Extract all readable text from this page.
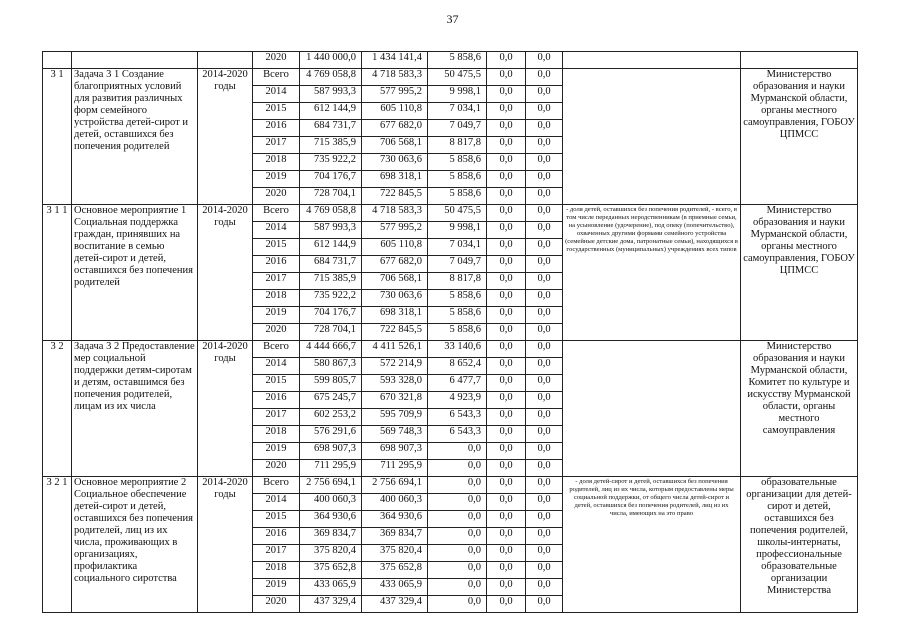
37
			2020	1 440 000,0	1 434 141,4	5 858,6	0,0	0,0		
3 1	Задача 3 1 Создание благоприятных условий для развития различных форм семейного устройства детей-сирот и детей, оставшихся без попечения родителей	2014-2020 годы	Всего	4 769 058,8	4 718 583,3	50 475,5	0,0	0,0		Министерство образования и науки Мурманской области, органы местного самоуправления, ГОБОУ ЦПМСС
			2014	587 993,3	577 995,2	9 998,1	0,0	0,0		
			2015	612 144,9	605 110,8	7 034,1	0,0	0,0		
			2016	684 731,7	677 682,0	7 049,7	0,0	0,0		
			2017	715 385,9	706 568,1	8 817,8	0,0	0,0		
			2018	735 922,2	730 063,6	5 858,6	0,0	0,0		
			2019	704 176,7	698 318,1	5 858,6	0,0	0,0		
			2020	728 704,1	722 845,5	5 858,6	0,0	0,0		
3 1 1	Основное мероприятие 1 Социальная поддержка граждан, принявших на воспитание в семью детей-сирот и детей, оставшихся без попечения родителей	2014-2020 годы	Всего	4 769 058,8	4 718 583,3	50 475,5	0,0	0,0	- доля детей, оставшихся без попечения родителей, - всего, в том числе переданных неродственникам (в приемные семьи, на усыновление (удочерение), под опеку (попечительство), охваченных другими формами семейного устройства (семейные детские дома, патронатные семьи), находящихся в государственных (муниципальных) учреждениях всех типов	Министерство образования и науки Мурманской области, органы местного самоуправления, ГОБОУ ЦПМСС
			2014	587 993,3	577 995,2	9 998,1	0,0	0,0		
			2015	612 144,9	605 110,8	7 034,1	0,0	0,0		
			2016	684 731,7	677 682,0	7 049,7	0,0	0,0		
			2017	715 385,9	706 568,1	8 817,8	0,0	0,0		
			2018	735 922,2	730 063,6	5 858,6	0,0	0,0		
			2019	704 176,7	698 318,1	5 858,6	0,0	0,0		
			2020	728 704,1	722 845,5	5 858,6	0,0	0,0		
3 2	Задача 3 2 Предоставление мер социальной поддержки детям-сиротам и детям, оставшимся без попечения родителей, лицам из их числа	2014-2020 годы	Всего	4 444 666,7	4 411 526,1	33 140,6	0,0	0,0		Министерство образования и науки Мурманской области, Комитет по культуре и искусству Мурманской области, органы местного самоуправления
			2014	580 867,3	572 214,9	8 652,4	0,0	0,0		
			2015	599 805,7	593 328,0	6 477,7	0,0	0,0		
			2016	675 245,7	670 321,8	4 923,9	0,0	0,0		
			2017	602 253,2	595 709,9	6 543,3	0,0	0,0		
			2018	576 291,6	569 748,3	6 543,3	0,0	0,0		
			2019	698 907,3	698 907,3	0,0	0,0	0,0		
			2020	711 295,9	711 295,9	0,0	0,0	0,0		
3 2 1	Основное мероприятие 2 Социальное обеспечение детей-сирот и детей, оставшихся без попечения родителей, лиц из их числа, проживающих в организациях, профилактика социального сиротства	2014-2020 годы	Всего	2 756 694,1	2 756 694,1	0,0	0,0	0,0	- доля детей-сирот и детей, оставшихся без попечения родителей, лиц из их числа, которым предоставлены меры социальной поддержки, от общего числа детей-сирот и детей, оставшихся без попечения родителей, лиц из их числа, имеющих на это право	образовательные организации для детей-сирот и детей, оставшихся без попечения родителей, школы-интернаты, профессиональные образовательные организации Министерства
			2014	400 060,3	400 060,3	0,0	0,0	0,0		
			2015	364 930,6	364 930,6	0,0	0,0	0,0		
			2016	369 834,7	369 834,7	0,0	0,0	0,0		
			2017	375 820,4	375 820,4	0,0	0,0	0,0		
			2018	375 652,8	375 652,8	0,0	0,0	0,0		
			2019	433 065,9	433 065,9	0,0	0,0	0,0		
			2020	437 329,4	437 329,4	0,0	0,0	0,0		
